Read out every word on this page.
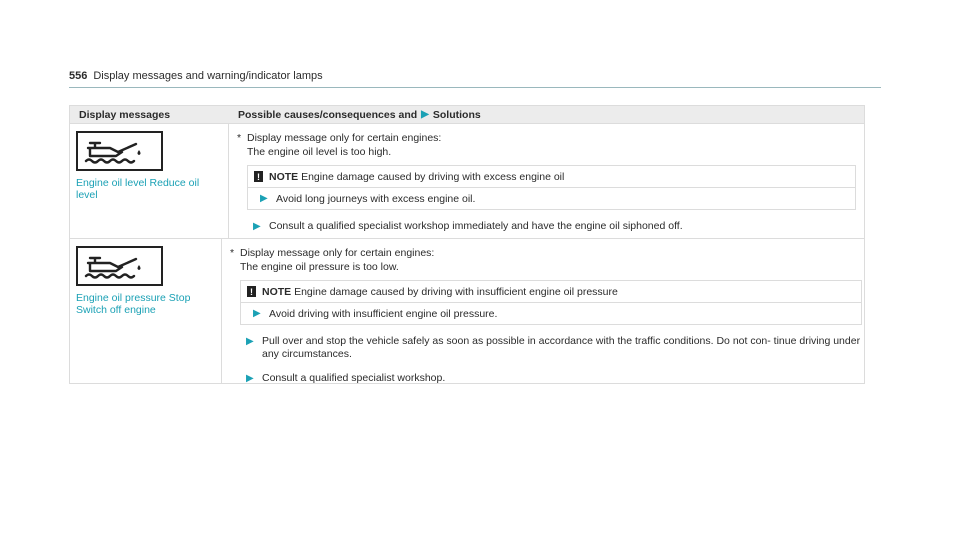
556 Display messages and warning/indicator lamps
Display messages	Possible causes/consequences and ▶ Solutions
Engine oil level Reduce oil level
* Display message only for certain engines:
The engine oil level is too high.
! NOTE Engine damage caused by driving with excess engine oil
▶ Avoid long journeys with excess engine oil.
▶ Consult a qualified specialist workshop immediately and have the engine oil siphoned off.
Engine oil pressure Stop Switch off engine
* Display message only for certain engines:
The engine oil pressure is too low.
! NOTE Engine damage caused by driving with insufficient engine oil pressure
▶ Avoid driving with insufficient engine oil pressure.
▶ Pull over and stop the vehicle safely as soon as possible in accordance with the traffic conditions. Do not con- tinue driving under any circumstances.
▶ Consult a qualified specialist workshop.
